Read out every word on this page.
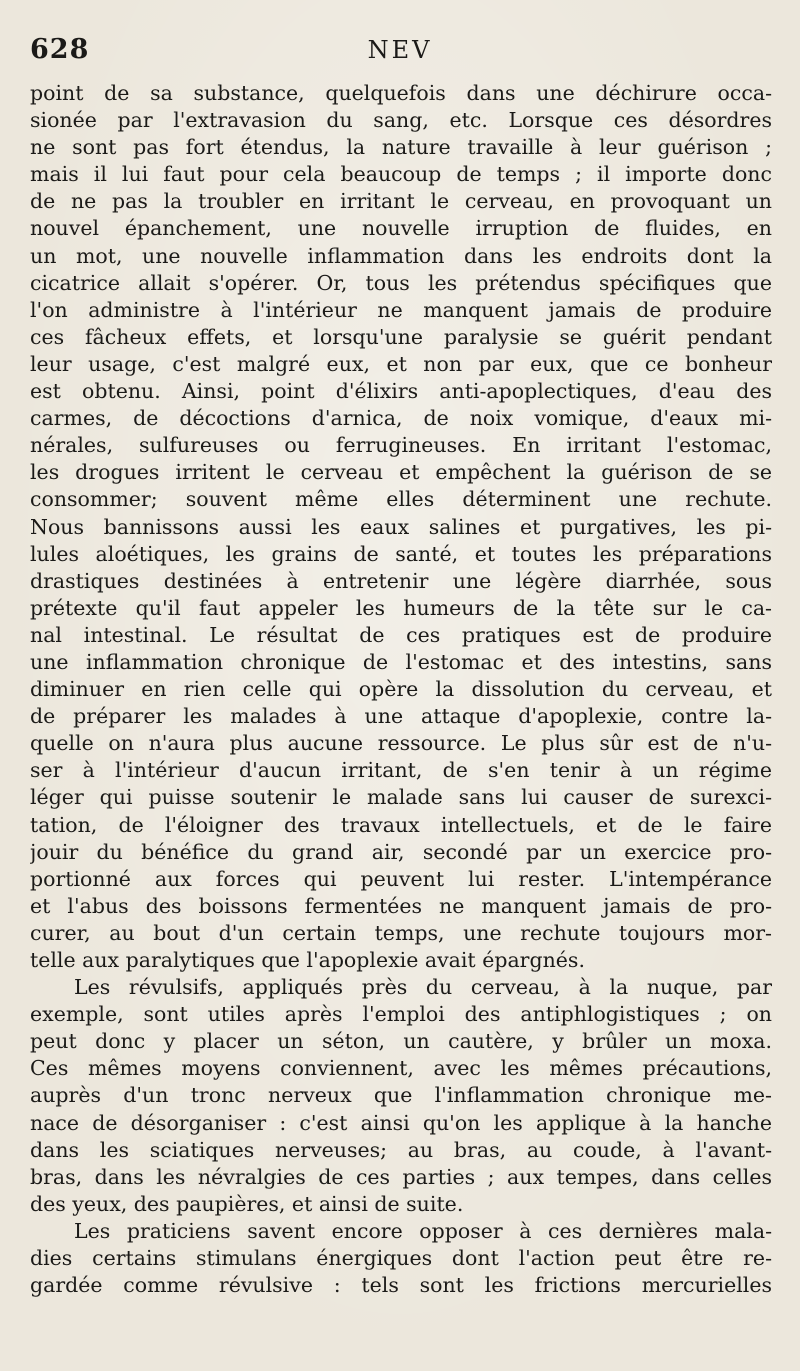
628	NEV
point de sa substance, quelquefois dans une déchirure occa-
sionée par l'extravasion du sang, etc. Lorsque ces désordres
ne sont pas fort étendus, la nature travaille à leur guérison ;
mais il lui faut pour cela beaucoup de temps ; il importe donc
de ne pas la troubler en irritant le cerveau, en provoquant un
nouvel épanchement, une nouvelle irruption de fluides, en
un mot, une nouvelle inflammation dans les endroits dont la
cicatrice allait s'opérer. Or, tous les prétendus spécifiques que
l'on administre à l'intérieur ne manquent jamais de produire
ces fâcheux effets, et lorsqu'une paralysie se guérit pendant
leur usage, c'est malgré eux, et non par eux, que ce bonheur
est obtenu. Ainsi, point d'élixirs anti-apoplectiques, d'eau des
carmes, de décoctions d'arnica, de noix vomique, d'eaux mi-
nérales, sulfureuses ou ferrugineuses. En irritant l'estomac,
les drogues irritent le cerveau et empêchent la guérison de se
consommer; souvent même elles déterminent une rechute.
Nous bannissons aussi les eaux salines et purgatives, les pi-
lules aloétiques, les grains de santé, et toutes les préparations
drastiques destinées à entretenir une légère diarrhée, sous
prétexte qu'il faut appeler les humeurs de la tête sur le ca-
nal intestinal. Le résultat de ces pratiques est de produire
une inflammation chronique de l'estomac et des intestins, sans
diminuer en rien celle qui opère la dissolution du cerveau, et
de préparer les malades à une attaque d'apoplexie, contre la-
quelle on n'aura plus aucune ressource. Le plus sûr est de n'u-
ser à l'intérieur d'aucun irritant, de s'en tenir à un régime
léger qui puisse soutenir le malade sans lui causer de surexci-
tation, de l'éloigner des travaux intellectuels, et de le faire
jouir du bénéfice du grand air, secondé par un exercice pro-
portionné aux forces qui peuvent lui rester. L'intempérance
et l'abus des boissons fermentées ne manquent jamais de pro-
curer, au bout d'un certain temps, une rechute toujours mor-
telle aux paralytiques que l'apoplexie avait épargnés.
Les révulsifs, appliqués près du cerveau, à la nuque, par
exemple, sont utiles après l'emploi des antiphlogistiques ; on
peut donc y placer un séton, un cautère, y brûler un moxa.
Ces mêmes moyens conviennent, avec les mêmes précautions,
auprès d'un tronc nerveux que l'inflammation chronique me-
nace de désorganiser : c'est ainsi qu'on les applique à la hanche
dans les sciatiques nerveuses; au bras, au coude, à l'avant-
bras, dans les névralgies de ces parties ; aux tempes, dans celles
des yeux, des paupières, et ainsi de suite.
Les praticiens savent encore opposer à ces dernières mala-
dies certains stimulans énergiques dont l'action peut être re-
gardée comme révulsive : tels sont les frictions mercurielles
